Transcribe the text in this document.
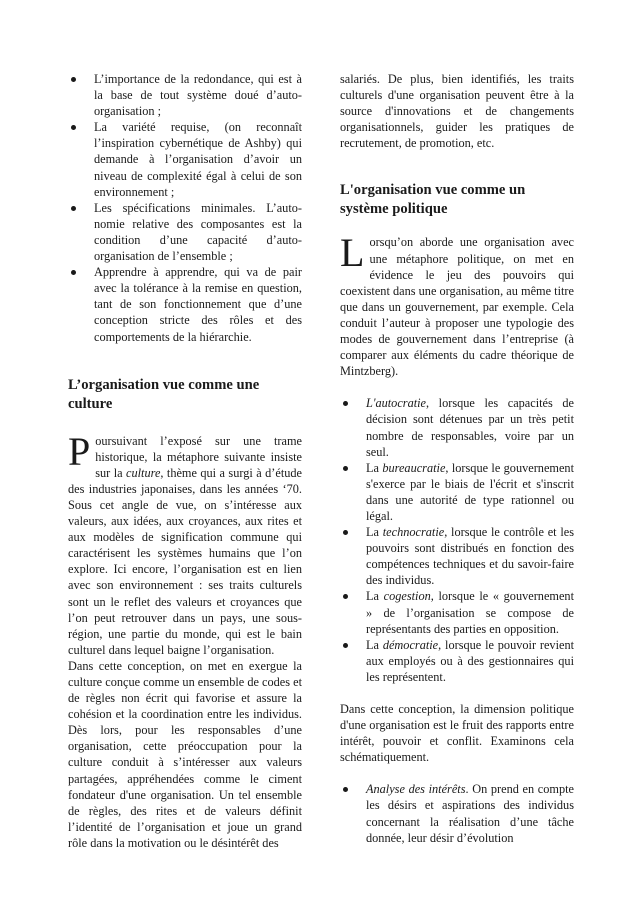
L’importance de la redondance, qui est à la base de tout système doué d’auto-organisation ;
La variété requise, (on reconnaît l’inspiration cybernétique de Ashby) qui demande à l’organisation d’avoir un niveau de complexité égal à celui de son environnement ;
Les spécifications minimales. L’auto-nomie relative des composantes est la condition d’une capacité d’auto-organisation de l’ensemble ;
Apprendre à apprendre, qui va de pair avec la tolérance à la remise en question, tant de son fonctionnement que d’une conception stricte des rôles et des comportements de la hiérarchie.
L’organisation vue comme une culture
P oursuivant l’exposé sur une trame historique, la métaphore suivante insiste sur la culture, thème qui a surgi à d’étude des industries japonaises, dans les années ‘70. Sous cet angle de vue, on s’intéresse aux valeurs, aux idées, aux croyances, aux rites et aux modèles de signification commune qui caractérisent les systèmes humains que l’on explore. Ici encore, l’organisation est en lien avec son environnement : ses traits culturels sont un le reflet des valeurs et croyances que l’on peut retrouver dans un pays, une sous-région, une partie du monde, qui est le bain culturel dans lequel baigne l’organisation.

Dans cette conception, on met en exergue la culture conçue comme un ensemble de codes et de règles non écrit qui favorise et assure la cohésion et la coordination entre les individus. Dès lors, pour les responsables d’une organisation, cette préoccupation pour la culture conduit à s’intéresser aux valeurs partagées, appréhendées comme le ciment fondateur d'une organisation. Un tel ensemble de règles, des rites et de valeurs définit l’identité de l’organisation et joue un grand rôle dans la motivation ou le désintérêt des

salariés. De plus, bien identifiés, les traits culturels d'une organisation peuvent être à la source d'innovations et de changements organisationnels, guider les pratiques de recrutement, de promotion, etc.

L'organisation vue comme un système politique
L orsqu’on aborde une organisation avec une métaphore politique, on met en évidence le jeu des pouvoirs qui coexistent dans une organisation, au même titre que dans un gouvernement, par exemple. Cela conduit l’auteur à proposer une typologie des modes de gouvernement dans l’entreprise (à comparer aux éléments du cadre théorique de Mintzberg).

L'autocratie, lorsque les capacités de décision sont détenues par un très petit nombre de responsables, voire par un seul.
La bureaucratie, lorsque le gouvernement s'exerce par le biais de l'écrit et s'inscrit dans une autorité de type rationnel ou légal.
La technocratie, lorsque le contrôle et les pouvoirs sont distribués en fonction des compétences techniques et du savoir-faire des individus.
La cogestion, lorsque le « gouvernement » de l’organisation se compose de représentants des parties en opposition.
La démocratie, lorsque le pouvoir revient aux employés ou à des gestionnaires qui les représentent.

Dans cette conception, la dimension politique d'une organisation est le fruit des rapports entre intérêt, pouvoir et conflit. Examinons cela schématiquement.

Analyse des intérêts. On prend en compte les désirs et aspirations des individus concernant la réalisation d’une tâche donnée, leur désir d’évolution
